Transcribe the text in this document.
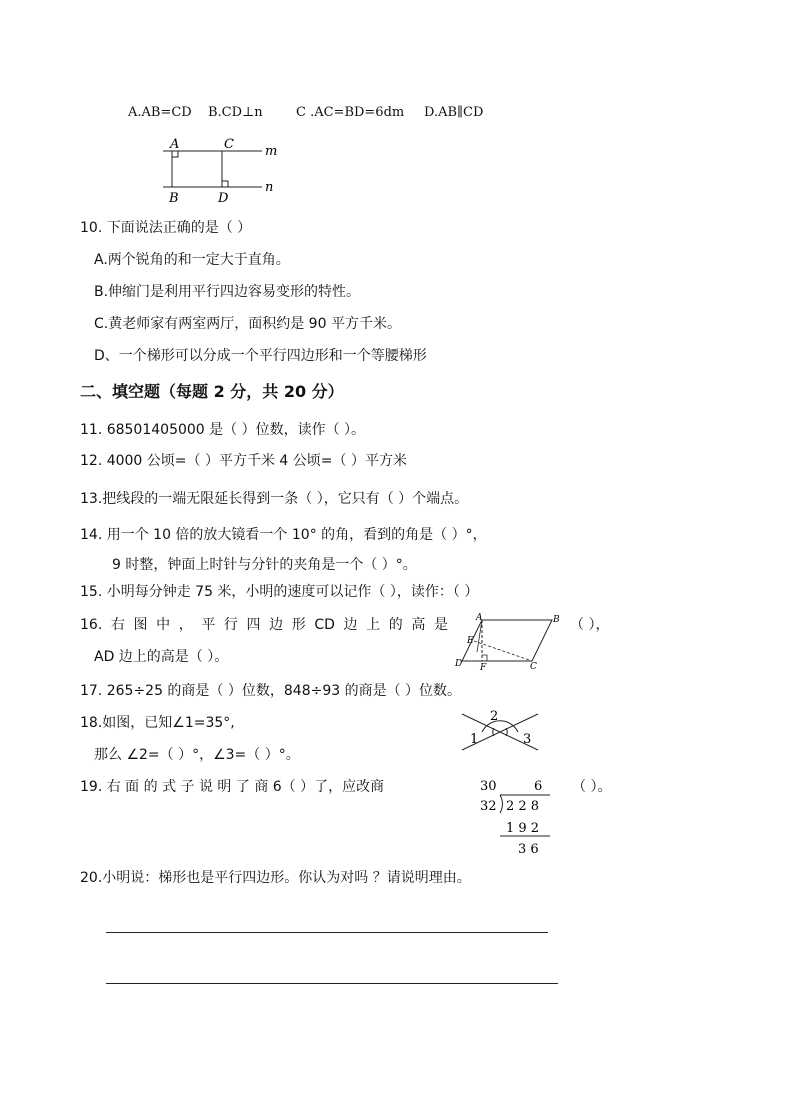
A.AB=CD B.CD⊥n	C .AC=BD=6dm D.AB∥CD
A	C
B	D
m
n
10. 下面说法正确的是（ ）
A.两个锐角的和一定大于直角。
B.伸缩门是利用平行四边容易变形的特性。
C.黄老师家有两室两厅，面积约是 90 平方千米。
D、一个梯形可以分成一个平行四边形和一个等腰梯形
二、填空题（每题 2 分，共 20 分）
11. 68501405000 是（ ）位数，读作（ ）。
12. 4000 公顷=（ ）平方千米 4 公顷=（ ）平方米
13.把线段的一端无限延长得到一条（ ），它只有（ ）个端点。
14. 用一个 10 倍的放大镜看一个 10° 的角，看到的角是（ ）°，
9 时整，钟面上时针与分针的夹角是一个（ ）°。
15. 小明每分钟走 75 米，小明的速度可以记作（ ），读作：（ ）
16. 右 图 中 ， 平 行 四 边 形 CD 边 上 的 高 是	（ ），
AD 边上的高是（ ）。
A	B
E
D F	C
17. 265÷25 的商是（ ）位数，848÷93 的商是（ ）位数。
18.如图，已知∠1=35°,
那么 ∠2=（ ）°，∠3=（ ）°。
1
2
3
19. 右 面 的 式 子 说 明 了 商 6（ ）了，应改商	（ ）。
30	6
32 2 2 8
1 9 2
3 6
20.小明说：梯形也是平行四边形。你认为对吗 ？请说明理由。
